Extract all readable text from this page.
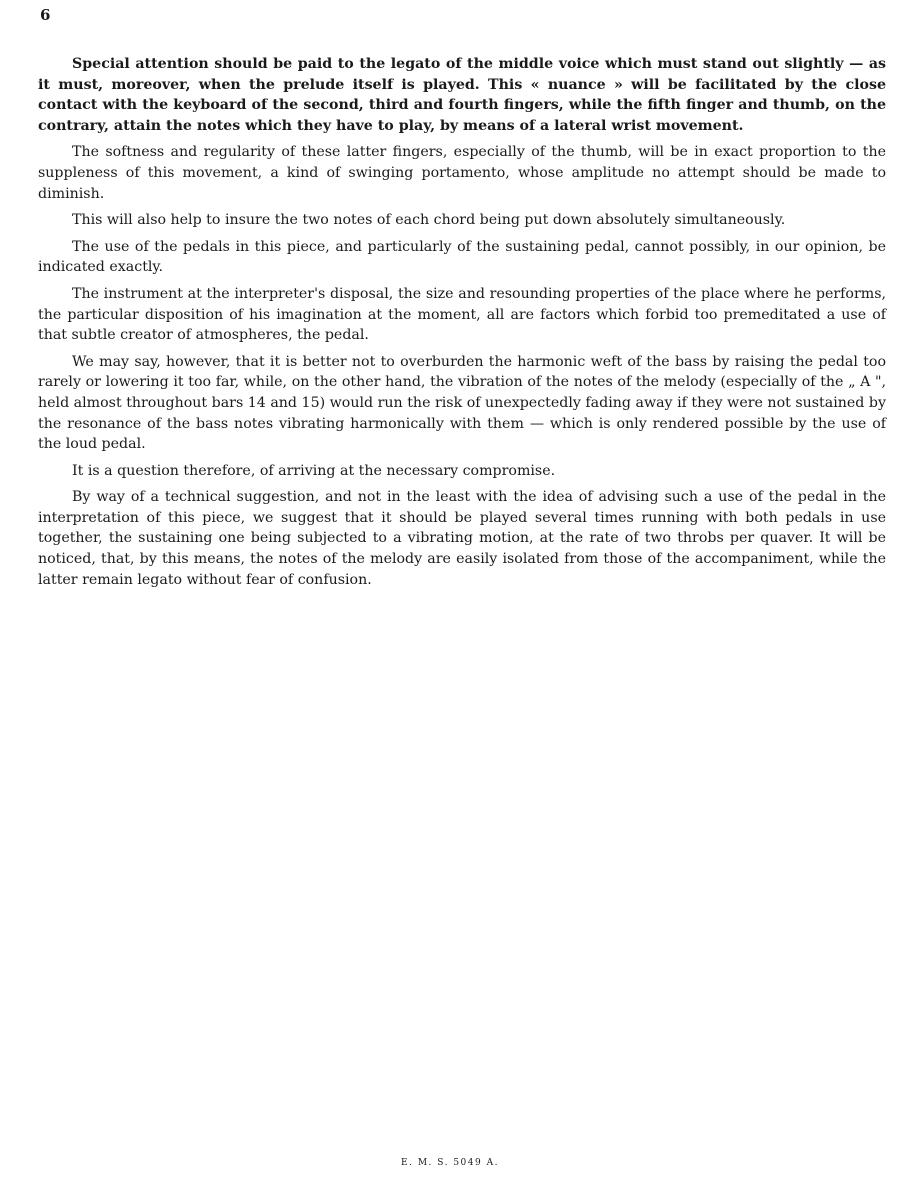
6

Special attention should be paid to the legato of the middle voice which must stand out slightly — as it must, moreover, when the prelude itself is played. This « nuance » will be facilitated by the close contact with the keyboard of the second, third and fourth fingers, while the fifth finger and thumb, on the contrary, attain the notes which they have to play, by means of a lateral wrist movement.

The softness and regularity of these latter fingers, especially of the thumb, will be in exact proportion to the suppleness of this movement, a kind of swinging portamento, whose amplitude no attempt should be made to diminish.

This will also help to insure the two notes of each chord being put down absolutely simultaneously.

The use of the pedals in this piece, and particularly of the sustaining pedal, cannot possibly, in our opinion, be indicated exactly.

The instrument at the interpreter's disposal, the size and resounding properties of the place where he performs, the particular disposition of his imagination at the moment, all are factors which forbid too premeditated a use of that subtle creator of atmospheres, the pedal.

We may say, however, that it is better not to overburden the harmonic weft of the bass by raising the pedal too rarely or lowering it too far, while, on the other hand, the vibration of the notes of the melody (especially of the „ A ", held almost throughout bars 14 and 15) would run the risk of unexpectedly fading away if they were not sustained by the resonance of the bass notes vibrating harmonically with them — which is only rendered possible by the use of the loud pedal.

It is a question therefore, of arriving at the necessary compromise.

By way of a technical suggestion, and not in the least with the idea of advising such a use of the pedal in the interpretation of this piece, we suggest that it should be played several times running with both pedals in use together, the sustaining one being subjected to a vibrating motion, at the rate of two throbs per quaver. It will be noticed, that, by this means, the notes of the melody are easily isolated from those of the accompaniment, while the latter remain legato without fear of confusion.

E. M. S. 5049 A.
